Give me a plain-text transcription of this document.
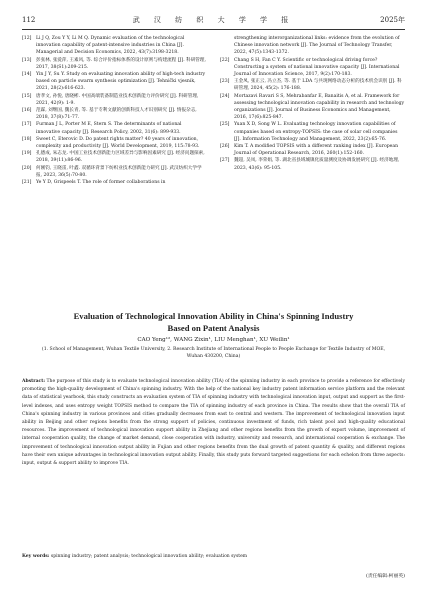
112	武 汉 纺 织 大 学 学 报	2025年
[12] Li J Q, Zou Y Y, Li M Q. Dynamic evaluation of the technological innovation capability of patent-intensive industries in China [J]. Managerial and Decision Economics, 2022, 43(7):3198-3218.
[13] 彭张林, 张爱萍, 王素风, 等. 综合评价指标体系的设计原则与构建流程 [J]. 科研管理, 2017, 38(S1):209-215.
[14] Yin J Y, Su Y. Study on evaluating innovation ability of high-tech industry based on particle swarm synthesis optimization [J]. Tehnički vjesnik, 2021, 28(2):616-623.
[15] 唐孝文, 孙悦, 唐晓彬. 中国高端装备制造业技术创新能力评价研究 [J]. 科研管理, 2021, 42(9): 1-9.
[16] 范霖, 刘继国, 魏长青, 等. 基于专利文献的创新科技人才识别研究 [J]. 情报杂志, 2018, 37(8):71-77.
[17] Furman J L, Porter M E, Stern S. The determinants of national innovative capacity [J]. Research Policy, 2002, 31(6): 899-933.
[18] Sweet C, Eterovic D. Do patent rights matter? 40 years of innovation, complexity and productivity [J]. World Development, 2019, 115:78-93.
[19] 孔德成, 朱志龙. 中国工业技术创新能力区域差异与影响因素研究 [J]. 经济问题探索, 2018, 39(11):86-96.
[20] 何刚钧, 王晓雷, 叶鑫. 双循环背景下纺织业技术创新能力研究 [J]. 武汉纺织大学学报, 2023, 36(5):70-80.
[21] Ye Y D, Grispeels T. The role of former collaborations in
strengthening interorganizational links: evidence from the evolution of Chinese innovation network [J]. The Journal of Technology Transfer, 2022, 47(5):1343-1372.
[22] Chang S H, Fan C Y. Scientific or technological driving force? Constructing a system of national innovative capacity [J]. International Journal of Innovation Science, 2017, 9(2):170-183.
[23] 王金凤, 张正云, 冯立杰, 等. 基于 LDA 与共现网络动态分析的技术机会识别 [J]. 科研管理, 2024, 45(2): 176-188.
[24] Mortazavi Ravari S S, Mehrabanfar E, Banaitis A, et al. Framework for assessing technological innovation capability in research and technology organizations [J]. Journal of Business Economics and Management, 2016, 17(6):825-847.
[25] Yuan X D, Song W L. Evaluating technology innovation capabilities of companies based on entropy-TOPSIS: the case of solar cell companies [J]. Information Technology and Management, 2022, 23(2):65-76.
[26] Kim T. A modified TOPSIS with a different ranking index [J]. European Journal of Operational Research, 2016, 260(1):152-160.
[27] 魏超, 吴凤, 李荣娟, 等. 湖北省县域城镇化质量测度及协调发展研究 [J]. 经济地理, 2023, 43(6): 95-105.
Evaluation of Technological Innovation Ability in China's Spinning Industry
Based on Patent Analysis
CAO Yeng¹², WANG Zixin¹, LIU Menghan¹, XU Weilin¹
(1. School of Management, Wuhan Textile University, 2. Research Institute of International People to People Exchange for Textile Industry of MOE, Wuhan 430200, China)
Abstract: The purpose of this study is to evaluate technological innovation ability (TIA) of the spinning industry in each province to provide a reference for effectively promoting the high-quality development of China's spinning industry. With the help of the national key industry patent information service platform and the relevant data of statistical yearbook, this study constructs an evaluation system of TIA of spinning industry with technological innovation input, output and support as the first-level indexes, and uses entropy weight TOPSIS method to compare the TIA of spinning industry of each province in China. The results show that the overall TIA of China's spinning industry in various provinces and cities gradually decreases from east to central and western. The improvement of technological innovation input ability in Beijing and other regions benefits from the strong support of policies, continuous investment of funds, rich talent pool and high-quality educational resources. The improvement of technological innovation support ability in Zhejiang and other regions benefits from the growth of export volume, improvement of internal cooperation quality, the change of market demand, close cooperation with industry, university and research, and international cooperation & exchange. The improvement of technological innovation output ability in Fujian and other regions benefits from the dual growth of patent quantity & quality, and different regions have their own unique advantages in technological innovation output ability. Finally, this study puts forward targeted suggestions for each echelon from three aspects: input, output & support ability to improve TIA.
Key words: spinning industry; patent analysis; technological innovation ability; evaluation system
(责任编辑:柯丽英)
